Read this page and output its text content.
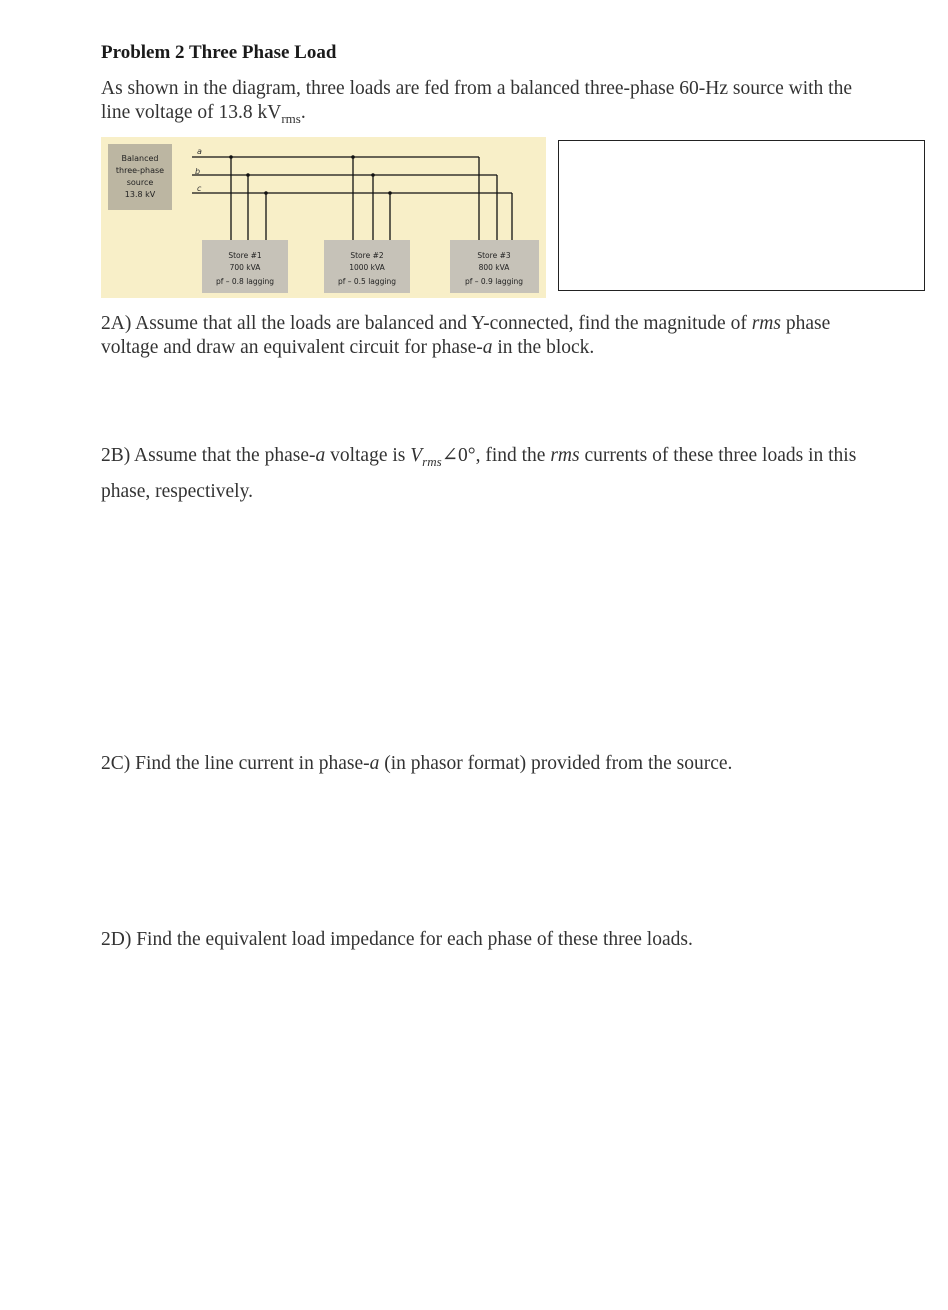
Problem 2 Three Phase Load
As shown in the diagram, three loads are fed from a balanced three-phase 60-Hz source with the
line voltage of 13.8 $kV_{rms}$.
Balanced
three-phase
source
13.8 kV
a
b
c
Store #1
700 kVA
pf – 0.8 lagging
Store #2
1000 kVA
pf – 0.5 lagging
Store #3
800 kVA
pf – 0.9 lagging
2A) Assume that all the loads are balanced and Y-connected, find the magnitude of rms phase
voltage and draw an equivalent circuit for phase-a in the block.
2B) Assume that the phase-a voltage is $V_{rms}\angle 0^\circ$, find the rms currents of these three loads in this
phase, respectively.
2C) Find the line current in phase-a (in phasor format) provided from the source.
2D) Find the equivalent load impedance for each phase of these three loads.
